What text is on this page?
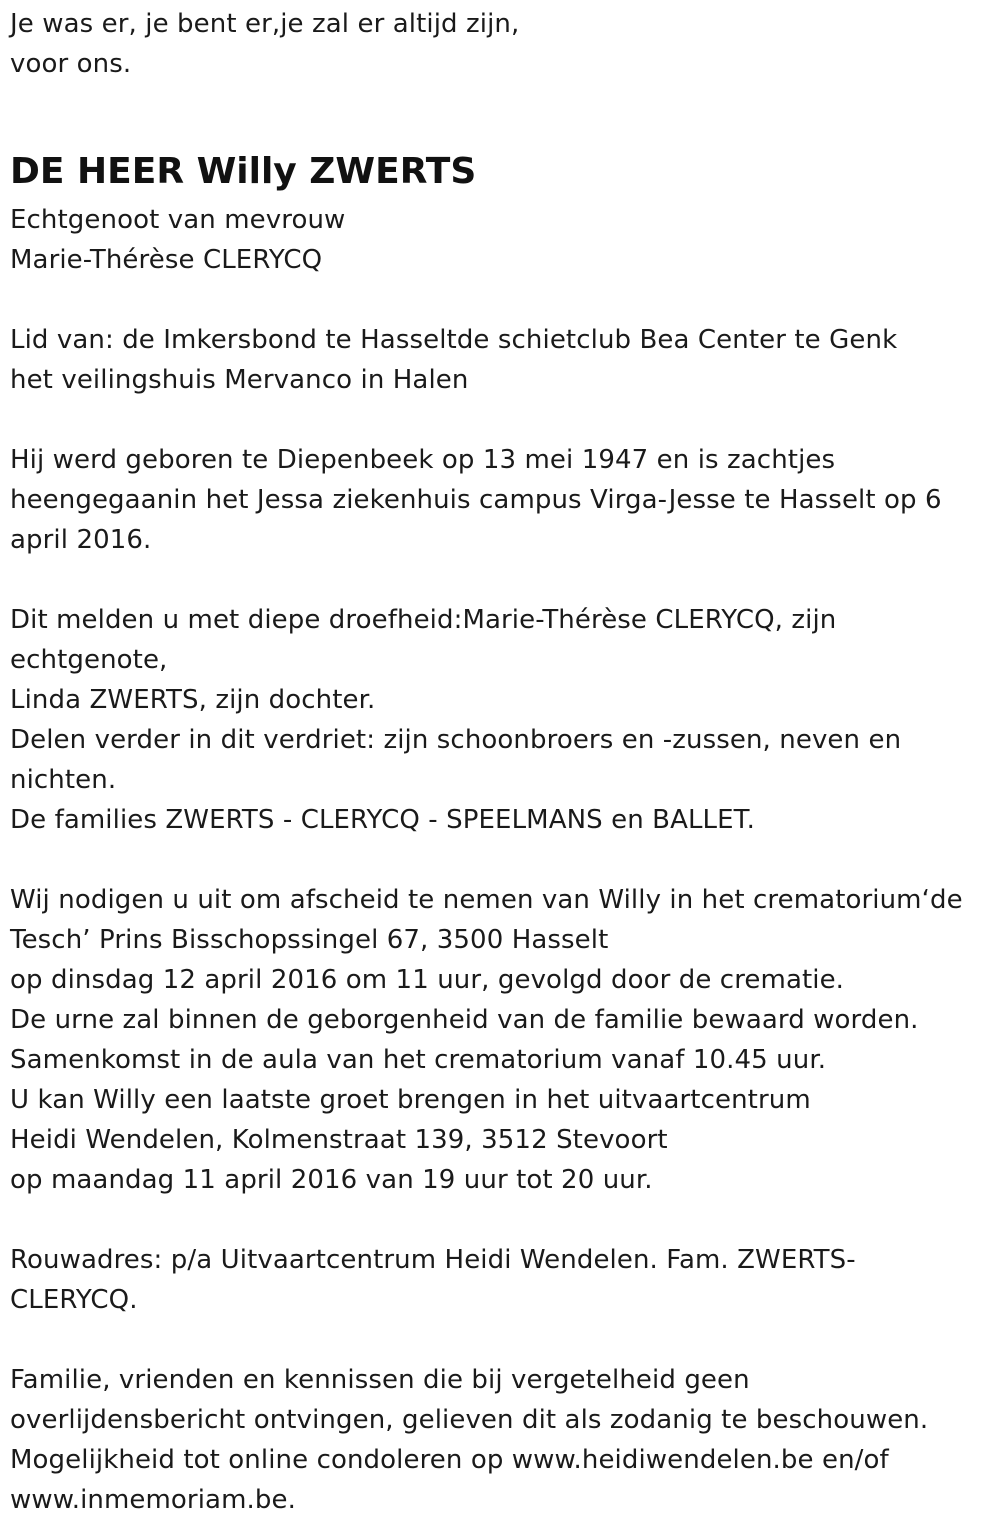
Je was er, je bent er,je zal er altijd zijn,
voor ons.
DE HEER Willy ZWERTS
Echtgenoot van mevrouw
Marie-Thérèse CLERYCQ
Lid van: de Imkersbond te Hasseltde schietclub Bea Center te Genk
het veilingshuis Mervanco in Halen
Hij werd geboren te Diepenbeek op 13 mei 1947 en is zachtjes
heengegaanin het Jessa ziekenhuis campus Virga-Jesse te Hasselt op 6
april 2016.
Dit melden u met diepe droefheid:Marie-Thérèse CLERYCQ, zijn
echtgenote,
Linda ZWERTS, zijn dochter.
Delen verder in dit verdriet: zijn schoonbroers en -zussen, neven en
nichten.
De families ZWERTS - CLERYCQ - SPEELMANS en BALLET.
Wij nodigen u uit om afscheid te nemen van Willy in het crematorium‘de
Tesch’ Prins Bisschopssingel 67, 3500 Hasselt
op dinsdag 12 april 2016 om 11 uur, gevolgd door de crematie.
De urne zal binnen de geborgenheid van de familie bewaard worden.
Samenkomst in de aula van het crematorium vanaf 10.45 uur.
U kan Willy een laatste groet brengen in het uitvaartcentrum
Heidi Wendelen, Kolmenstraat 139, 3512 Stevoort
op maandag 11 april 2016 van 19 uur tot 20 uur.
Rouwadres: p/a Uitvaartcentrum Heidi Wendelen. Fam. ZWERTS-
CLERYCQ.
Familie, vrienden en kennissen die bij vergetelheid geen
overlijdensbericht ontvingen, gelieven dit als zodanig te beschouwen.
Mogelijkheid tot online condoleren op www.heidiwendelen.be en/of
www.inmemoriam.be.
